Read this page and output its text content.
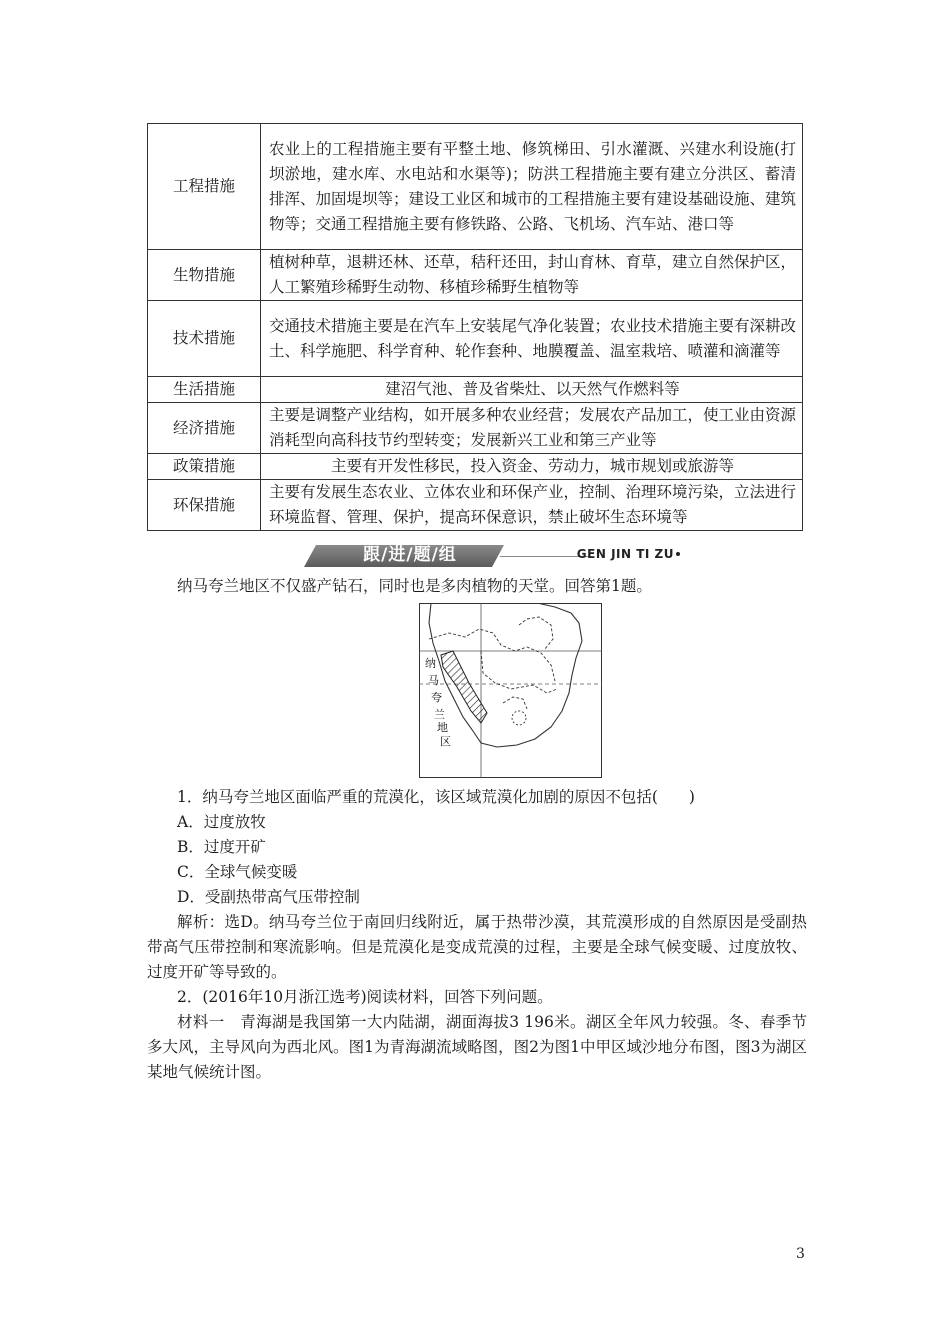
工程措施	农业上的工程措施主要有平整土地、修筑梯田、引水灌溉、兴建水利设施(打坝淤地，建水库、水电站和水渠等)；防洪工程措施主要有建立分洪区、蓄清排浑、加固堤坝等；建设工业区和城市的工程措施主要有建设基础设施、建筑物等；交通工程措施主要有修铁路、公路、飞机场、汽车站、港口等
生物措施	植树种草，退耕还林、还草，秸秆还田，封山育林、育草，建立自然保护区，人工繁殖珍稀野生动物、移植珍稀野生植物等
技术措施	交通技术措施主要是在汽车上安装尾气净化装置；农业技术措施主要有深耕改土、科学施肥、科学育种、轮作套种、地膜覆盖、温室栽培、喷灌和滴灌等
生活措施	建沼气池、普及省柴灶、以天然气作燃料等
经济措施	主要是调整产业结构，如开展多种农业经营；发展农产品加工，使工业由资源消耗型向高科技节约型转变；发展新兴工业和第三产业等
政策措施	主要有开发性移民，投入资金、劳动力，城市规划或旅游等
环保措施	主要有发展生态农业、立体农业和环保产业，控制、治理环境污染，立法进行环境监督、管理、保护，提高环保意识，禁止破坏生态环境等
跟/进/题/组	GEN JIN TI ZU

纳马夸兰地区不仅盛产钻石，同时也是多肉植物的天堂。回答第1题。

纳
马
夸
兰
地
区

1．纳马夸兰地区面临严重的荒漠化，该区域荒漠化加剧的原因不包括(　　)

A．过度放牧

B．过度开矿

C．全球气候变暖

D．受副热带高气压带控制

解析：选D。纳马夸兰位于南回归线附近，属于热带沙漠，其荒漠形成的自然原因是受副热带高气压带控制和寒流影响。但是荒漠化是变成荒漠的过程，主要是全球气候变暖、过度放牧、过度开矿等导致的。

2．(2016年10月浙江选考)阅读材料，回答下列问题。

材料一　青海湖是我国第一大内陆湖，湖面海拔3 196米。湖区全年风力较强。冬、春季节多大风，主导风向为西北风。图1为青海湖流域略图，图2为图1中甲区域沙地分布图，图3为湖区某地气候统计图。

3
